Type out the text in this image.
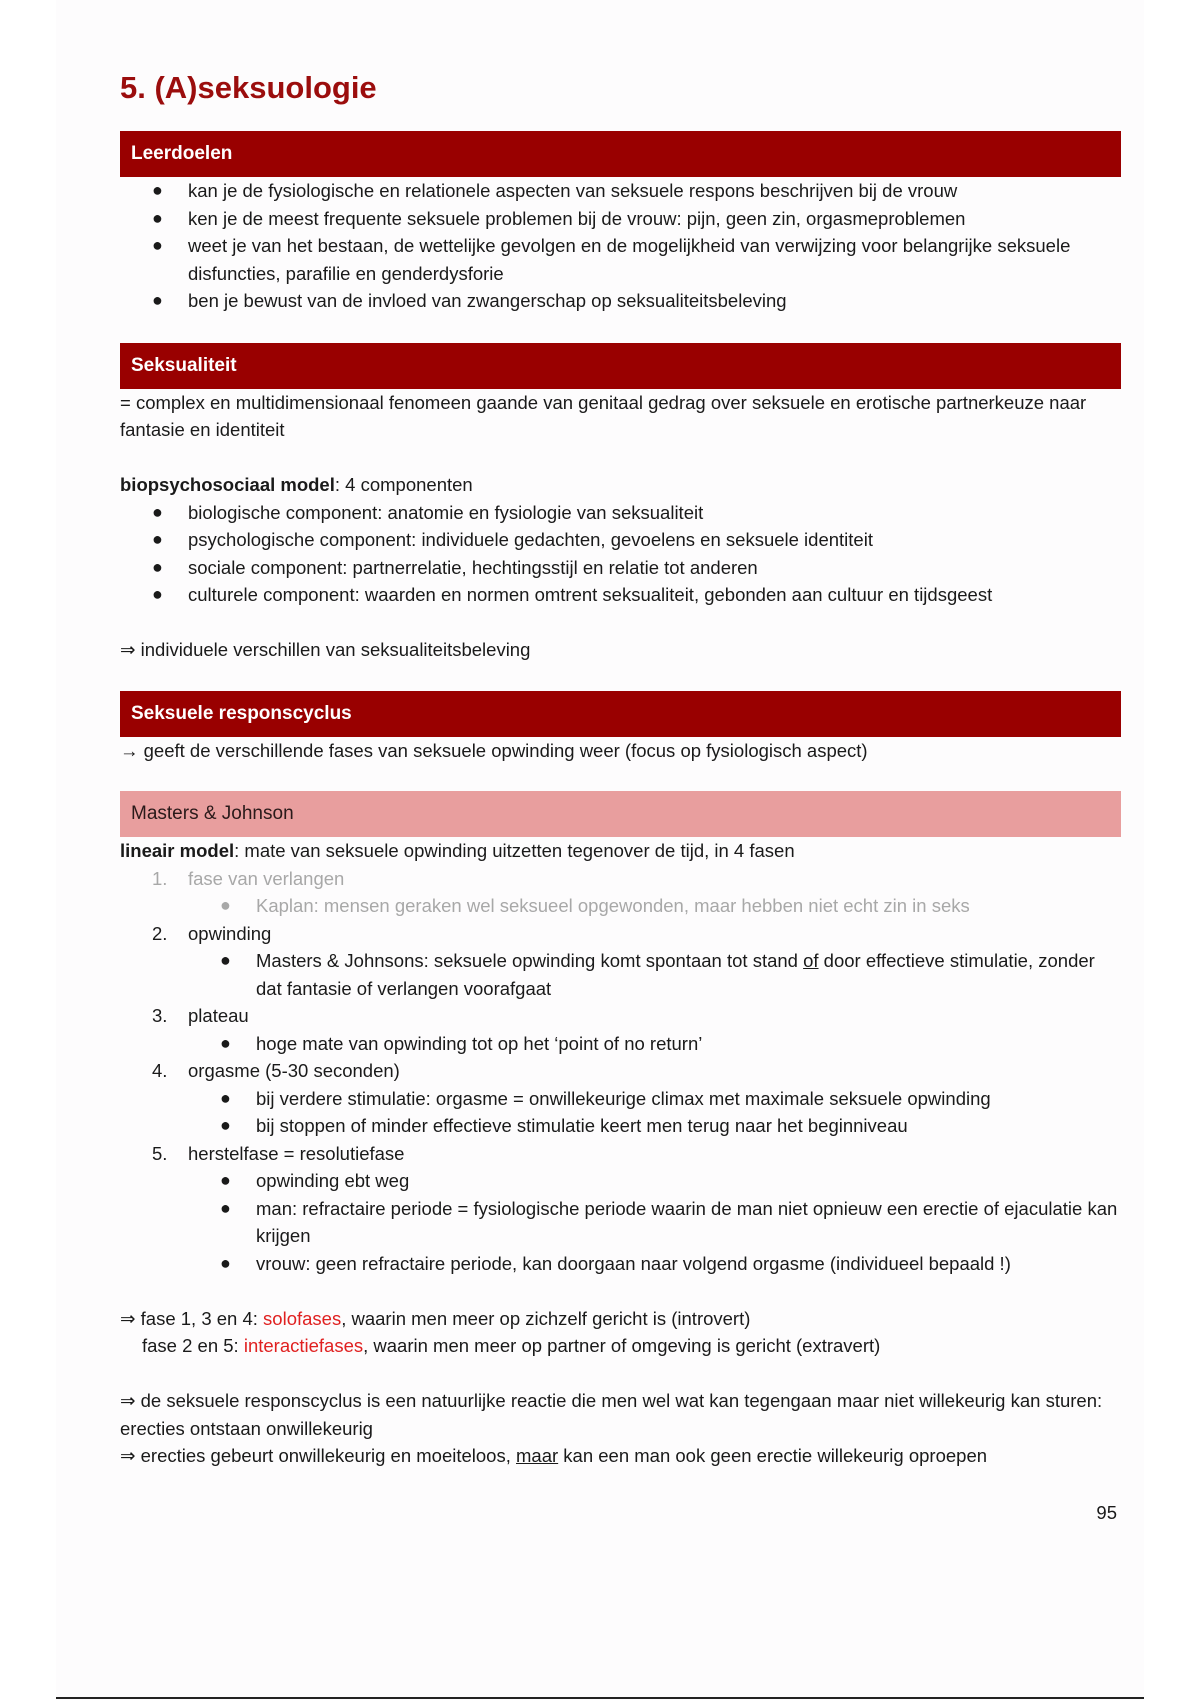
5. (A)seksuologie
Leerdoelen
● kan je de fysiologische en relationele aspecten van seksuele respons beschrijven bij de vrouw
● ken je de meest frequente seksuele problemen bij de vrouw: pijn, geen zin, orgasmeproblemen
● weet je van het bestaan, de wettelijke gevolgen en de mogelijkheid van verwijzing voor belangrijke seksuele disfuncties, parafilie en genderdysforie
● ben je bewust van de invloed van zwangerschap op seksualiteitsbeleving
Seksualiteit
= complex en multidimensionaal fenomeen gaande van genitaal gedrag over seksuele en erotische partnerkeuze naar fantasie en identiteit
biopsychosociaal model: 4 componenten
● biologische component: anatomie en fysiologie van seksualiteit
● psychologische component: individuele gedachten, gevoelens en seksuele identiteit
● sociale component: partnerrelatie, hechtingsstijl en relatie tot anderen
● culturele component: waarden en normen omtrent seksualiteit, gebonden aan cultuur en tijdsgeest
⇒ individuele verschillen van seksualiteitsbeleving
Seksuele responscyclus
→ geeft de verschillende fases van seksuele opwinding weer (focus op fysiologisch aspect)
Masters & Johnson
lineair model: mate van seksuele opwinding uitzetten tegenover de tijd, in 4 fasen
1. fase van verlangen
● Kaplan: mensen geraken wel seksueel opgewonden, maar hebben niet echt zin in seks
2. opwinding
● Masters & Johnsons: seksuele opwinding komt spontaan tot stand of door effectieve stimulatie, zonder dat fantasie of verlangen voorafgaat
3. plateau
● hoge mate van opwinding tot op het ‘point of no return’
4. orgasme (5-30 seconden)
● bij verdere stimulatie: orgasme = onwillekeurige climax met maximale seksuele opwinding
● bij stoppen of minder effectieve stimulatie keert men terug naar het beginniveau
5. herstelfase = resolutiefase
● opwinding ebt weg
● man: refractaire periode = fysiologische periode waarin de man niet opnieuw een erectie of ejaculatie kan krijgen
● vrouw: geen refractaire periode, kan doorgaan naar volgend orgasme (individueel bepaald !)
⇒ fase 1, 3 en 4: solofases, waarin men meer op zichzelf gericht is (introvert)
fase 2 en 5: interactiefases, waarin men meer op partner of omgeving is gericht (extravert)
⇒ de seksuele responscyclus is een natuurlijke reactie die men wel wat kan tegengaan maar niet willekeurig kan sturen: erecties ontstaan onwillekeurig
⇒ erecties gebeurt onwillekeurig en moeiteloos, maar kan een man ook geen erectie willekeurig oproepen
95
